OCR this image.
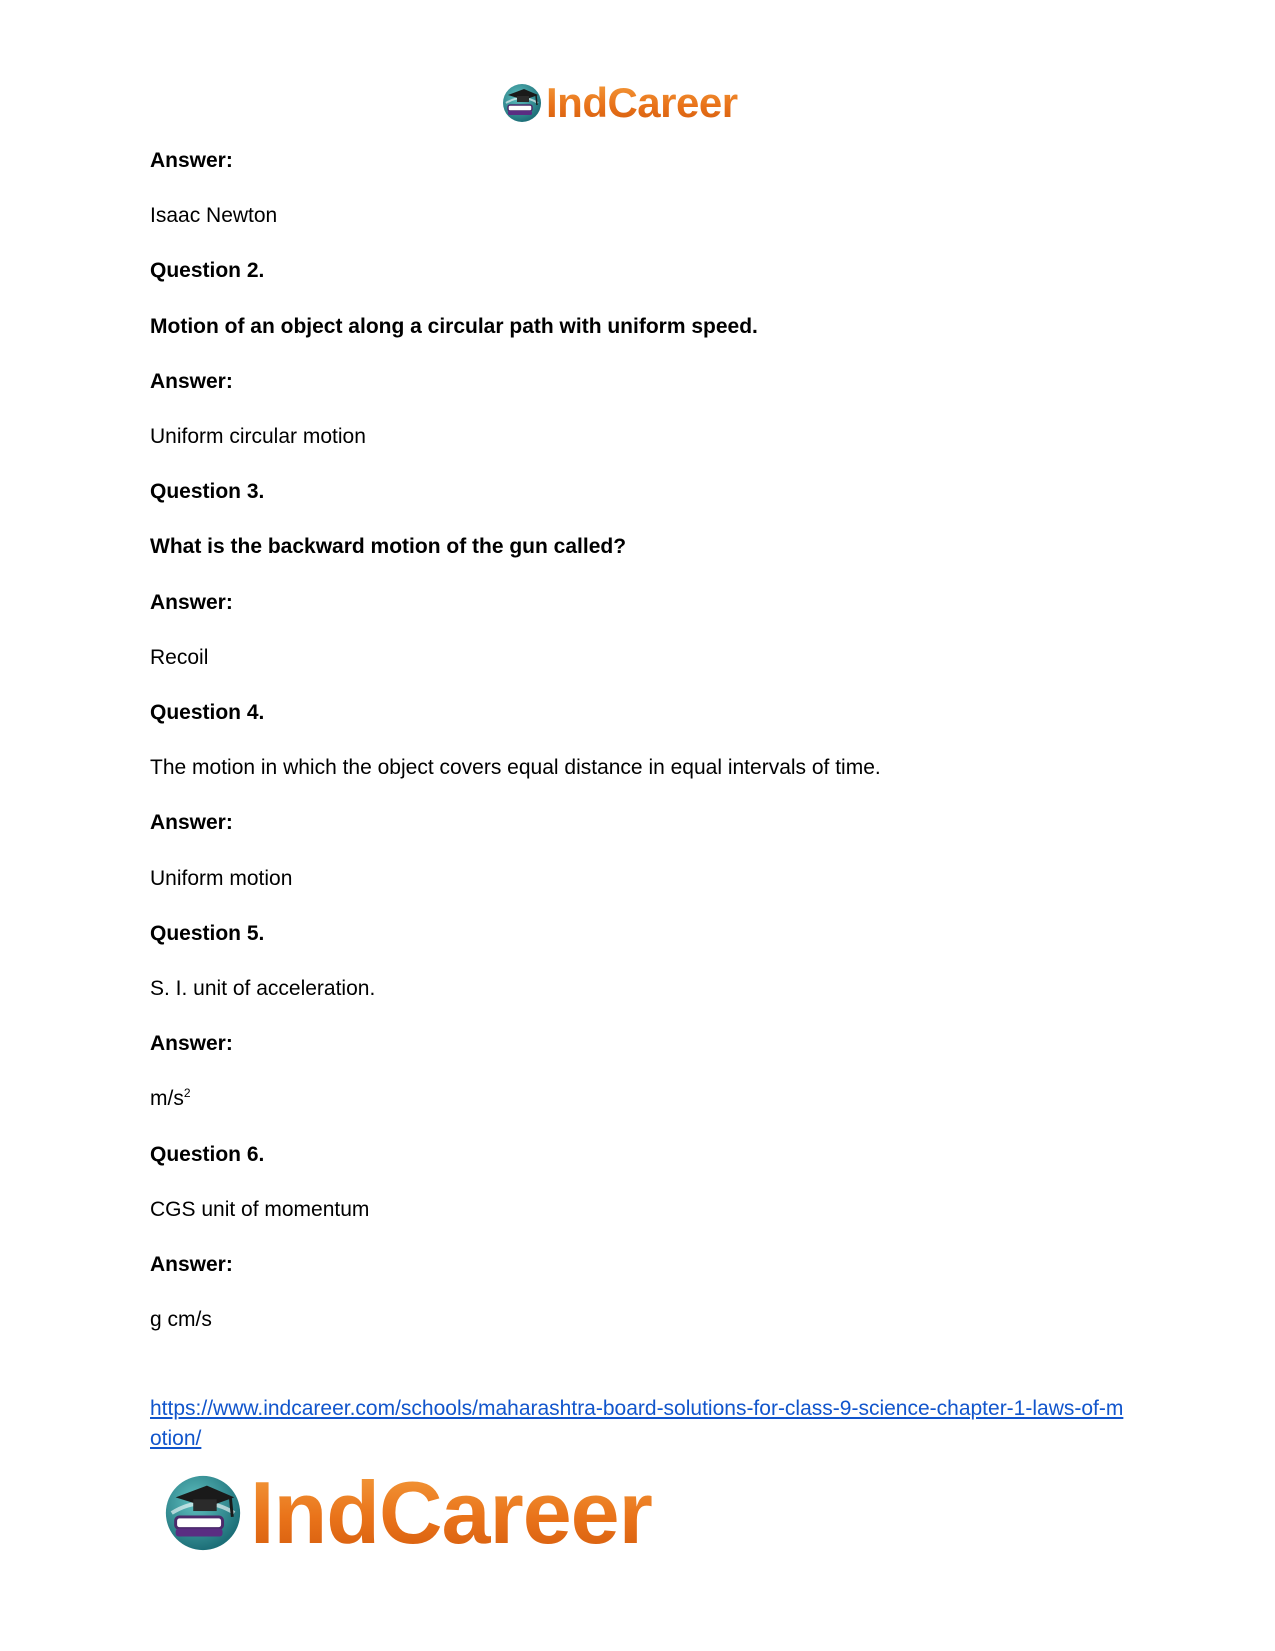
IndCareer
Answer:
Isaac Newton
Question 2.
Motion of an object along a circular path with uniform speed.
Answer:
Uniform circular motion
Question 3.
What is the backward motion of the gun called?
Answer:
Recoil
Question 4.
The motion in which the object covers equal distance in equal intervals of time.
Answer:
Uniform motion
Question 5.
S. I. unit of acceleration.
Answer:
$m/s^2$
Question 6.
CGS unit of momentum
Answer:
g cm/s
https://www.indcareer.com/schools/maharashtra-board-solutions-for-class-9-science-chapter-1-laws-of-motion/
IndCareer
